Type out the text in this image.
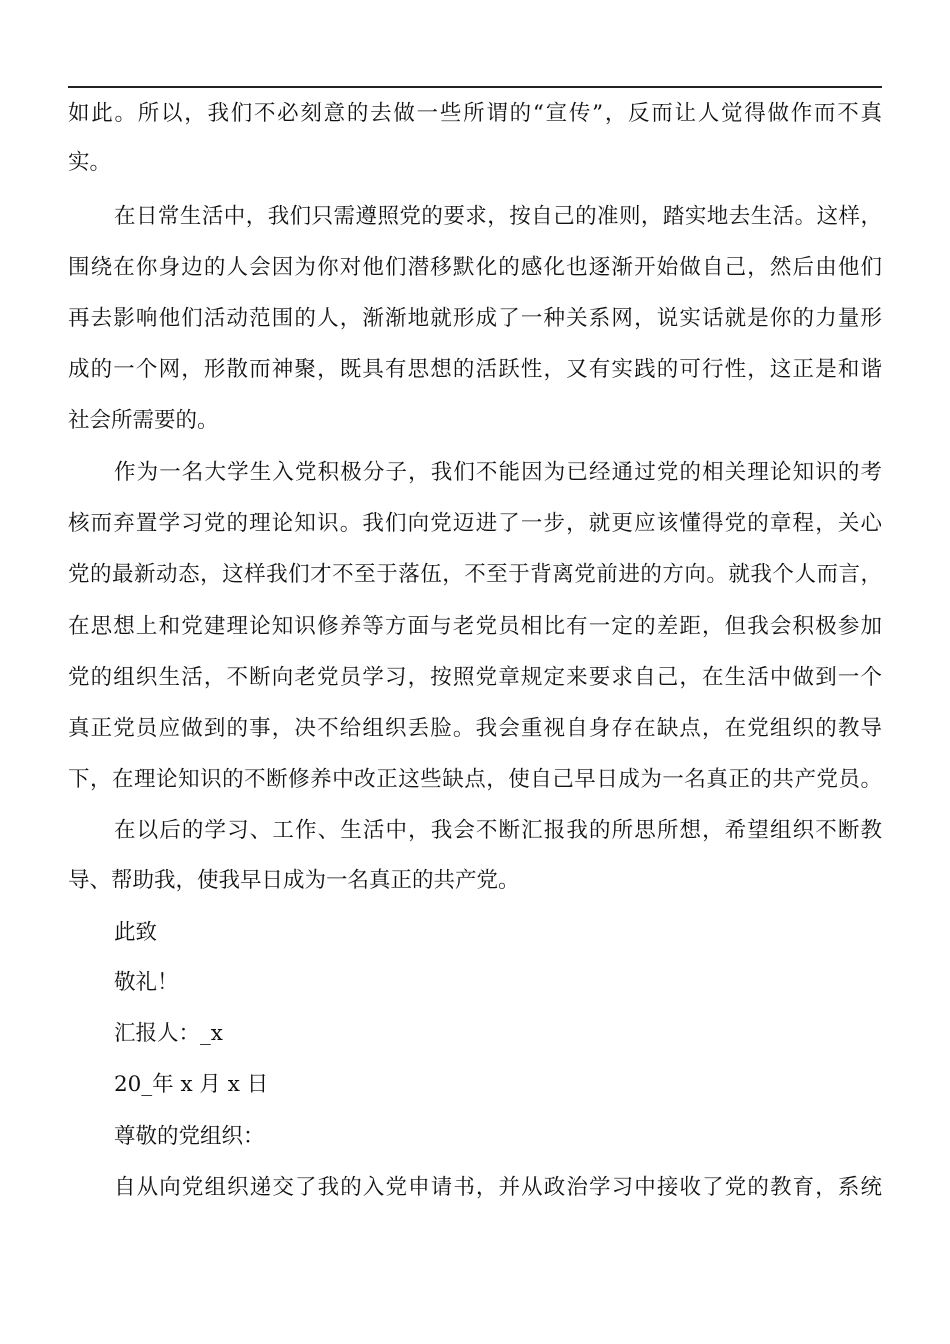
如此。所以，我们不必刻意的去做一些所谓的“宣传”，反而让人觉得做作而不真
实。
在日常生活中，我们只需遵照党的要求，按自己的准则，踏实地去生活。这样，
围绕在你身边的人会因为你对他们潜移默化的感化也逐渐开始做自己，然后由他们
再去影响他们活动范围的人，渐渐地就形成了一种关系网，说实话就是你的力量形
成的一个网，形散而神聚，既具有思想的活跃性，又有实践的可行性，这正是和谐
社会所需要的。
作为一名大学生入党积极分子，我们不能因为已经通过党的相关理论知识的考
核而弃置学习党的理论知识。我们向党迈进了一步，就更应该懂得党的章程，关心
党的最新动态，这样我们才不至于落伍，不至于背离党前进的方向。就我个人而言，
在思想上和党建理论知识修养等方面与老党员相比有一定的差距，但我会积极参加
党的组织生活，不断向老党员学习，按照党章规定来要求自己，在生活中做到一个
真正党员应做到的事，决不给组织丢脸。我会重视自身存在缺点，在党组织的教导
下，在理论知识的不断修养中改正这些缺点，使自己早日成为一名真正的共产党员。
在以后的学习、工作、生活中，我会不断汇报我的所思所想，希望组织不断教
导、帮助我，使我早日成为一名真正的共产党。
此致
敬礼！
汇报人：_x
20_年 x 月 x 日
尊敬的党组织：
自从向党组织递交了我的入党申请书，并从政治学习中接收了党的教育，系统
